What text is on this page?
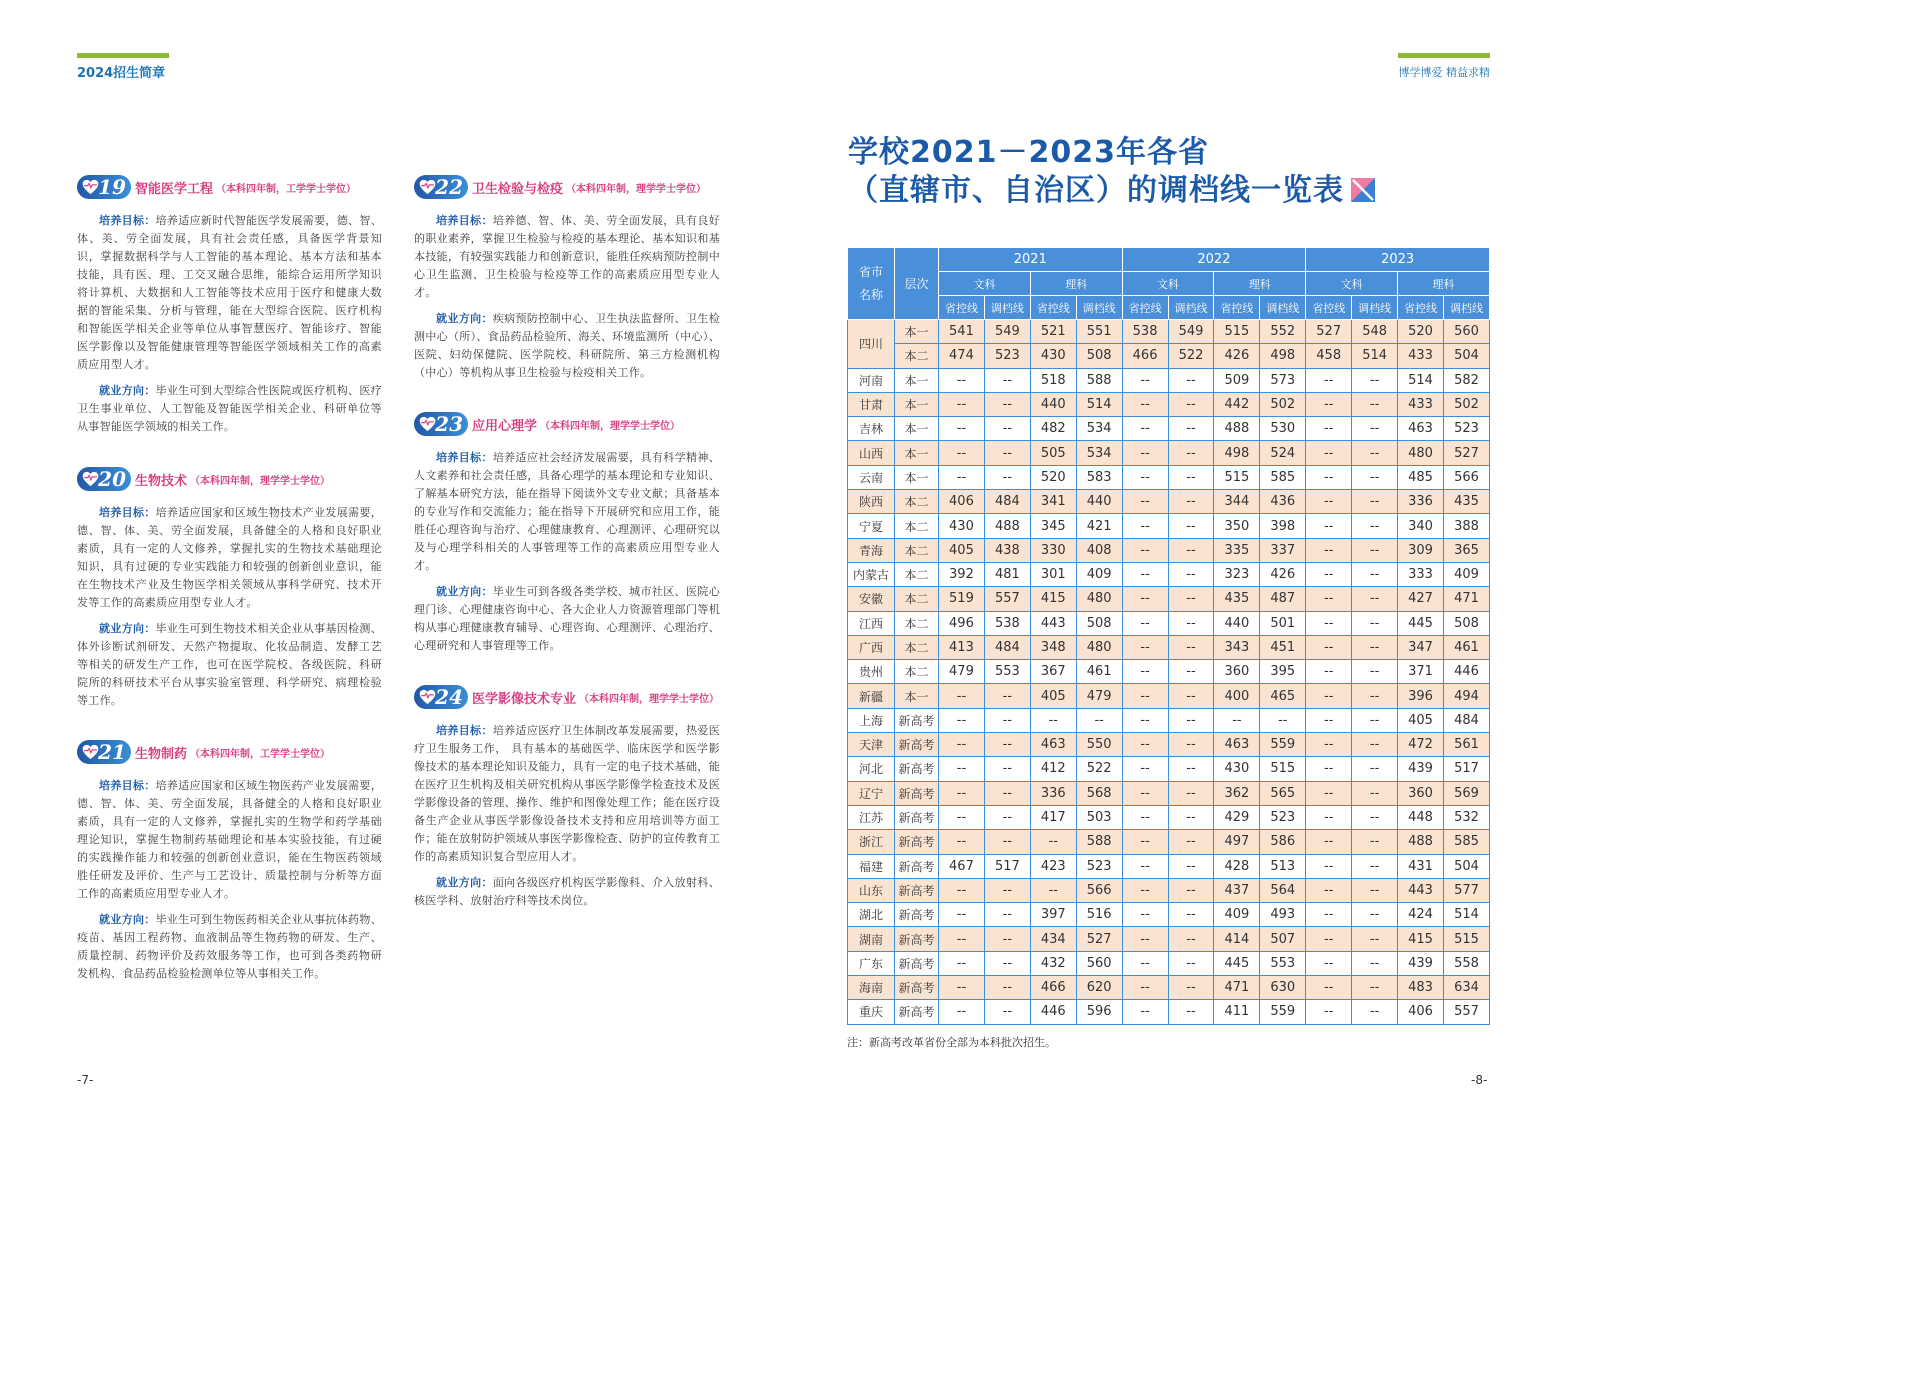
2024招生简章	博学博爱 精益求精
19 智能医学工程 （本科四年制，工学学士学位）

培养目标：培养适应新时代智能医学发展需要，德、智、体、美、劳全面发展，具有社会责任感，具备医学背景知识，掌握数据科学与人工智能的基本理论、基本方法和基本技能，具有医、理、工交叉融合思维，能综合运用所学知识将计算机、大数据和人工智能等技术应用于医疗和健康大数据的智能采集、分析与管理，能在大型综合医院、医疗机构和智能医学相关企业等单位从事智慧医疗、智能诊疗、智能医学影像以及智能健康管理等智能医学领域相关工作的高素质应用型人才。

就业方向：毕业生可到大型综合性医院或医疗机构、医疗卫生事业单位、人工智能及智能医学相关企业、科研单位等从事智能医学领域的相关工作。

20 生物技术 （本科四年制，理学学士学位）

培养目标：培养适应国家和区域生物技术产业发展需要，德、智、体、美、劳全面发展，具备健全的人格和良好职业素质，具有一定的人文修养，掌握扎实的生物技术基础理论知识，具有过硬的专业实践能力和较强的创新创业意识，能在生物技术产业及生物医学相关领域从事科学研究、技术开发等工作的高素质应用型专业人才。

就业方向：毕业生可到生物技术相关企业从事基因检测、体外诊断试剂研发、天然产物提取、化妆品制造、发酵工艺等相关的研发生产工作，也可在医学院校、各级医院、科研院所的科研技术平台从事实验室管理、科学研究、病理检验等工作。

21 生物制药 （本科四年制，工学学士学位）

培养目标：培养适应国家和区域生物医药产业发展需要，德、智、体、美、劳全面发展，具备健全的人格和良好职业素质，具有一定的人文修养，掌握扎实的生物学和药学基础理论知识，掌握生物制药基础理论和基本实验技能，有过硬的实践操作能力和较强的创新创业意识，能在生物医药领域胜任研发及评价、生产与工艺设计、质量控制与分析等方面工作的高素质应用型专业人才。

就业方向：毕业生可到生物医药相关企业从事抗体药物、疫苗、基因工程药物、血液制品等生物药物的研发、生产、质量控制、药物评价及药效服务等工作，也可到各类药物研发机构、食品药品检验检测单位等从事相关工作。

22 卫生检验与检疫 （本科四年制，理学学士学位）

培养目标：培养德、智、体、美、劳全面发展，具有良好的职业素养，掌握卫生检验与检疫的基本理论、基本知识和基本技能，有较强实践能力和创新意识，能胜任疾病预防控制中心卫生监测、卫生检验与检疫等工作的高素质应用型专业人才。

就业方向：疾病预防控制中心、卫生执法监督所、卫生检测中心（所）、食品药品检验所、海关、环境监测所（中心）、医院、妇幼保健院、医学院校、科研院所、第三方检测机构（中心）等机构从事卫生检验与检疫相关工作。

23 应用心理学 （本科四年制，理学学士学位）

培养目标：培养适应社会经济发展需要，具有科学精神、人文素养和社会责任感，具备心理学的基本理论和专业知识、了解基本研究方法，能在指导下阅读外文专业文献；具备基本的专业写作和交流能力；能在指导下开展研究和应用工作，能胜任心理咨询与治疗、心理健康教育、心理测评、心理研究以及与心理学科相关的人事管理等工作的高素质应用型专业人才。

就业方向：毕业生可到各级各类学校、城市社区、医院心理门诊、心理健康咨询中心、各大企业人力资源管理部门等机构从事心理健康教育辅导、心理咨询、心理测评、心理治疗、心理研究和人事管理等工作。

24 医学影像技术专业 （本科四年制，理学学士学位）

培养目标：培养适应医疗卫生体制改革发展需要，热爱医疗卫生服务工作， 具有基本的基础医学、临床医学和医学影像技术的基本理论知识及能力，具有一定的电子技术基础，能在医疗卫生机构及相关研究机构从事医学影像学检查技术及医学影像设备的管理、操作、维护和图像处理工作；能在医疗设备生产企业从事医学影像设备技术支持和应用培训等方面工作；能在放射防护领域从事医学影像检查、防护的宣传教育工作的高素质知识复合型应用人才。

就业方向：面向各级医疗机构医学影像科、介入放射科、核医学科、放射治疗科等技术岗位。

学校2021－2023年各省
（直辖市、自治区）的调档线一览表
省市名称	层次	2021				2022				2023			
		文科		理科		文科		理科		文科		理科	
		省控线	调档线	省控线	调档线	省控线	调档线	省控线	调档线	省控线	调档线	省控线	调档线
四川	本一	541	549	521	551	538	549	515	552	527	548	520	560
	本二	474	523	430	508	466	522	426	498	458	514	433	504
河南	本一	--	--	518	588	--	--	509	573	--	--	514	582
甘肃	本一	--	--	440	514	--	--	442	502	--	--	433	502
吉林	本一	--	--	482	534	--	--	488	530	--	--	463	523
山西	本一	--	--	505	534	--	--	498	524	--	--	480	527
云南	本一	--	--	520	583	--	--	515	585	--	--	485	566
陕西	本二	406	484	341	440	--	--	344	436	--	--	336	435
宁夏	本二	430	488	345	421	--	--	350	398	--	--	340	388
青海	本二	405	438	330	408	--	--	335	337	--	--	309	365
内蒙古	本二	392	481	301	409	--	--	323	426	--	--	333	409
安徽	本二	519	557	415	480	--	--	435	487	--	--	427	471
江西	本二	496	538	443	508	--	--	440	501	--	--	445	508
广西	本二	413	484	348	480	--	--	343	451	--	--	347	461
贵州	本二	479	553	367	461	--	--	360	395	--	--	371	446
新疆	本一	--	--	405	479	--	--	400	465	--	--	396	494
上海	新高考	--	--	--	--	--	--	--	--	--	--	405	484
天津	新高考	--	--	463	550	--	--	463	559	--	--	472	561
河北	新高考	--	--	412	522	--	--	430	515	--	--	439	517
辽宁	新高考	--	--	336	568	--	--	362	565	--	--	360	569
江苏	新高考	--	--	417	503	--	--	429	523	--	--	448	532
浙江	新高考	--	--	--	588	--	--	497	586	--	--	488	585
福建	新高考	467	517	423	523	--	--	428	513	--	--	431	504
山东	新高考	--	--	--	566	--	--	437	564	--	--	443	577
湖北	新高考	--	--	397	516	--	--	409	493	--	--	424	514
湖南	新高考	--	--	434	527	--	--	414	507	--	--	415	515
广东	新高考	--	--	432	560	--	--	445	553	--	--	439	558
海南	新高考	--	--	466	620	--	--	471	630	--	--	483	634
重庆	新高考	--	--	446	596	--	--	411	559	--	--	406	557
注：新高考改革省份全部为本科批次招生。
-7-	-8-
